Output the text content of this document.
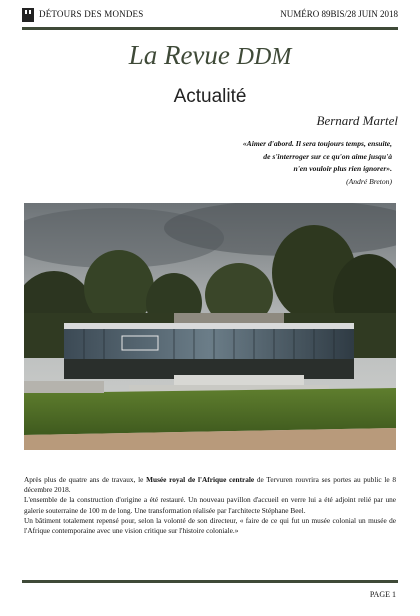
DÉTOURS DES MONDES	NUMÉRO 89BIS/28 JUIN 2018
La Revue DDM
Actualité
Bernard Martel
«Aimer d'abord. Il sera toujours temps, ensuite,
de s'interroger sur ce qu'on aime jusqu'à
n'en vouloir plus rien ignorer».
(André Breton)

Après plus de quatre ans de travaux, le Musée royal de l'Afrique centrale de Tervuren rouvrira ses portes au public le 8 décembre 2018.

L'ensemble de la construction d'origine a été restauré. Un nouveau pavillon d'accueil en verre lui a été adjoint relié par une galerie souterraine de 100 m de long. Une transformation réalisée par l'architecte Stéphane Beel.

Un bâtiment totalement repensé pour, selon la volonté de son directeur, « faire de ce qui fut un musée colonial un musée de l'Afrique contemporaine avec une vision critique sur l'histoire coloniale.»

PAGE 1
